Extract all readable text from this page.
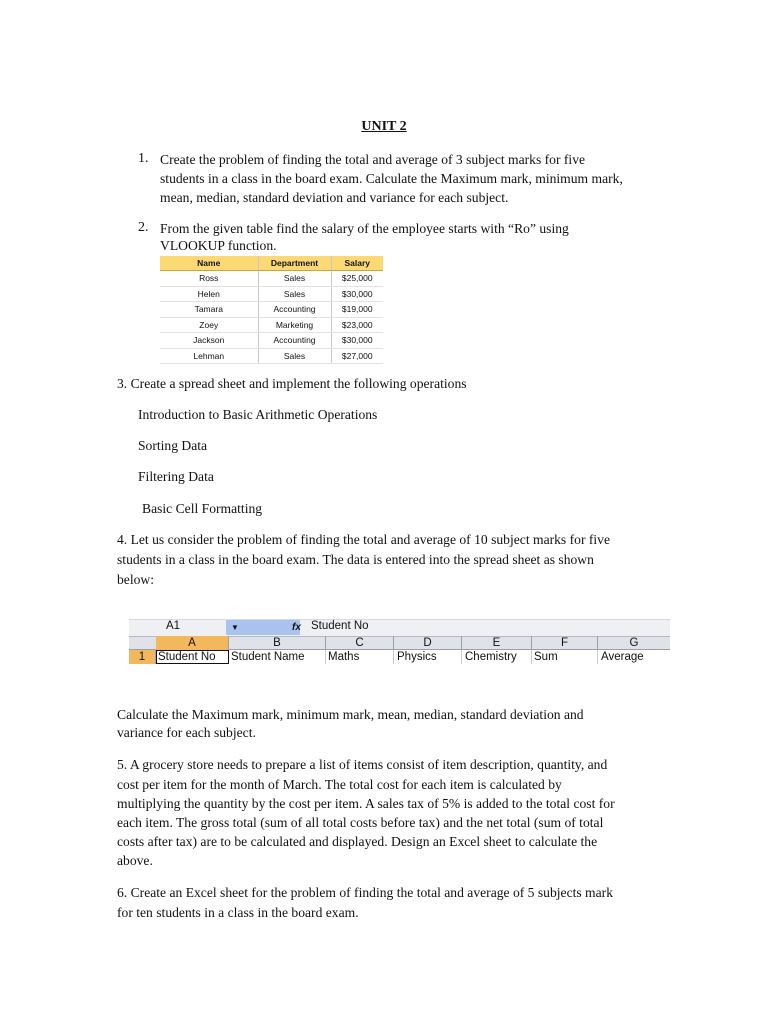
UNIT 2
1. Create the problem of finding the total and average of 3 subject marks for five
students in a class in the board exam. Calculate the Maximum mark, minimum mark,
mean, median, standard deviation and variance for each subject.
2. From the given table find the salary of the employee starts with “Ro” using
VLOOKUP function.
Name	Department	Salary
Ross	Sales	$25,000
Helen	Sales	$30,000
Tamara	Accounting	$19,000
Zoey	Marketing	$23,000
Jackson	Accounting	$30,000
Lehman	Sales	$27,000
3. Create a spread sheet and implement the following operations
Introduction to Basic Arithmetic Operations
Sorting Data
Filtering Data
Basic Cell Formatting
4. Let us consider the problem of finding the total and average of 10 subject marks for five
students in a class in the board exam. The data is entered into the spread sheet as shown
below:
A1	▼	fx Student No
A	B	C	D	E	F	G
1	Student No	Student Name	Maths	Physics	Chemistry	Sum	Average
Calculate the Maximum mark, minimum mark, mean, median, standard deviation and
variance for each subject.
5. A grocery store needs to prepare a list of items consist of item description, quantity, and
cost per item for the month of March. The total cost for each item is calculated by
multiplying the quantity by the cost per item. A sales tax of 5% is added to the total cost for
each item. The gross total (sum of all total costs before tax) and the net total (sum of total
costs after tax) are to be calculated and displayed. Design an Excel sheet to calculate the
above.
6. Create an Excel sheet for the problem of finding the total and average of 5 subjects mark
for ten students in a class in the board exam.
